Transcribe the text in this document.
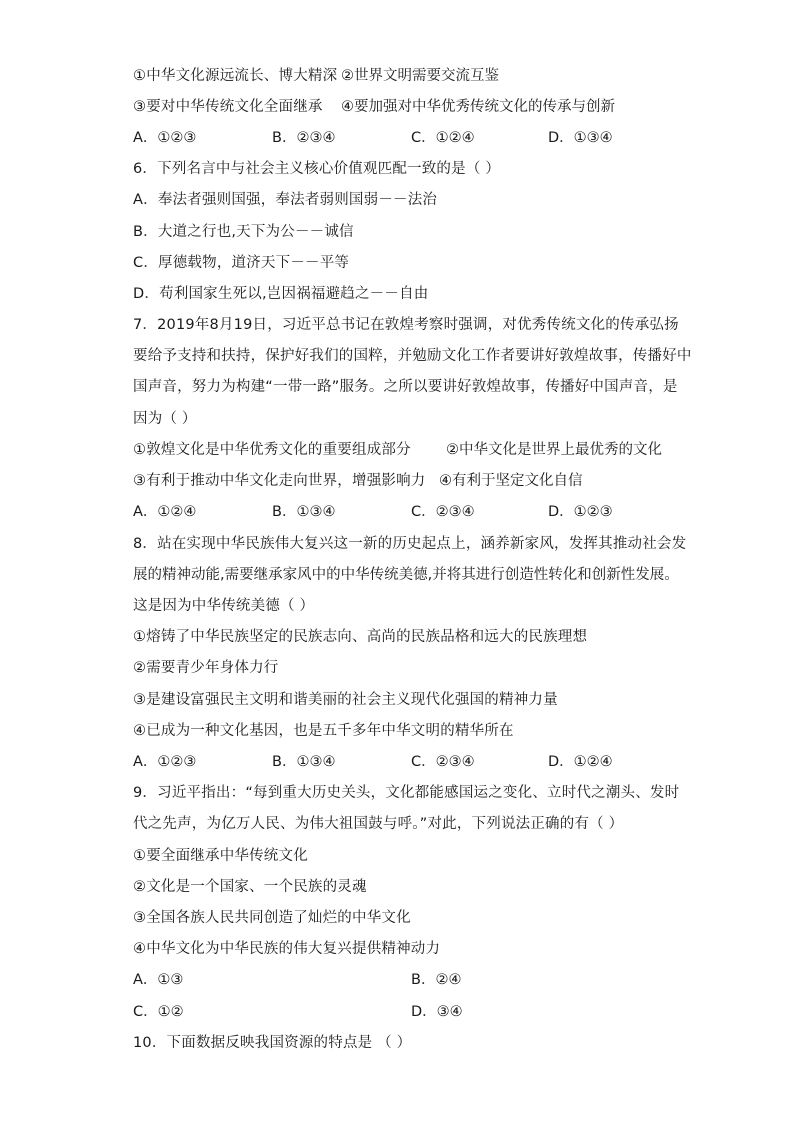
①中华文化源远流长、博大精深 ②世界文明需要交流互鉴
③要对中华传统文化全面继承 ④要加强对中华优秀传统文化的传承与创新
A．①②③	B．②③④	C．①②④	D．①③④
6．下列名言中与社会主义核心价值观匹配一致的是（ ）
A．奉法者强则国强，奉法者弱则国弱－－法治
B．大道之行也,天下为公－－诚信
C．厚德载物，道济天下－－平等
D．苟利国家生死以,岂因祸福避趋之－－自由
7．2019年8月19日，习近平总书记在敦煌考察时强调，对优秀传统文化的传承弘扬
要给予支持和扶持，保护好我们的国粹，并勉励文化工作者要讲好敦煌故事，传播好中
国声音，努力为构建“一带一路”服务。之所以要讲好敦煌故事，传播好中国声音，是
因为（ ）
①敦煌文化是中华优秀文化的重要组成部分 ②中华文化是世界上最优秀的文化
③有利于推动中华文化走向世界，增强影响力 ④有利于坚定文化自信
A．①②④	B．①③④	C．②③④	D．①②③
8．站在实现中华民族伟大复兴这一新的历史起点上，涵养新家风，发挥其推动社会发
展的精神动能,需要继承家风中的中华传统美德,并将其进行创造性转化和创新性发展。
这是因为中华传统美德（ ）
①熔铸了中华民族坚定的民族志向、高尚的民族品格和远大的民族理想
②需要青少年身体力行
③是建设富强民主文明和谐美丽的社会主义现代化强国的精神力量
④已成为一种文化基因，也是五千多年中华文明的精华所在
A．①②③	B．①③④	C．②③④	D．①②④
9．习近平指出：“每到重大历史关头，文化都能感国运之变化、立时代之潮头、发时
代之先声，为亿万人民、为伟大祖国鼓与呼。”对此，下列说法正确的有（ ）
①要全面继承中华传统文化
②文化是一个国家、一个民族的灵魂
③全国各族人民共同创造了灿烂的中华文化
④中华文化为中华民族的伟大复兴提供精神动力
A．①③	B．②④
C．①②	D．③④
10．下面数据反映我国资源的特点是 （ ）
